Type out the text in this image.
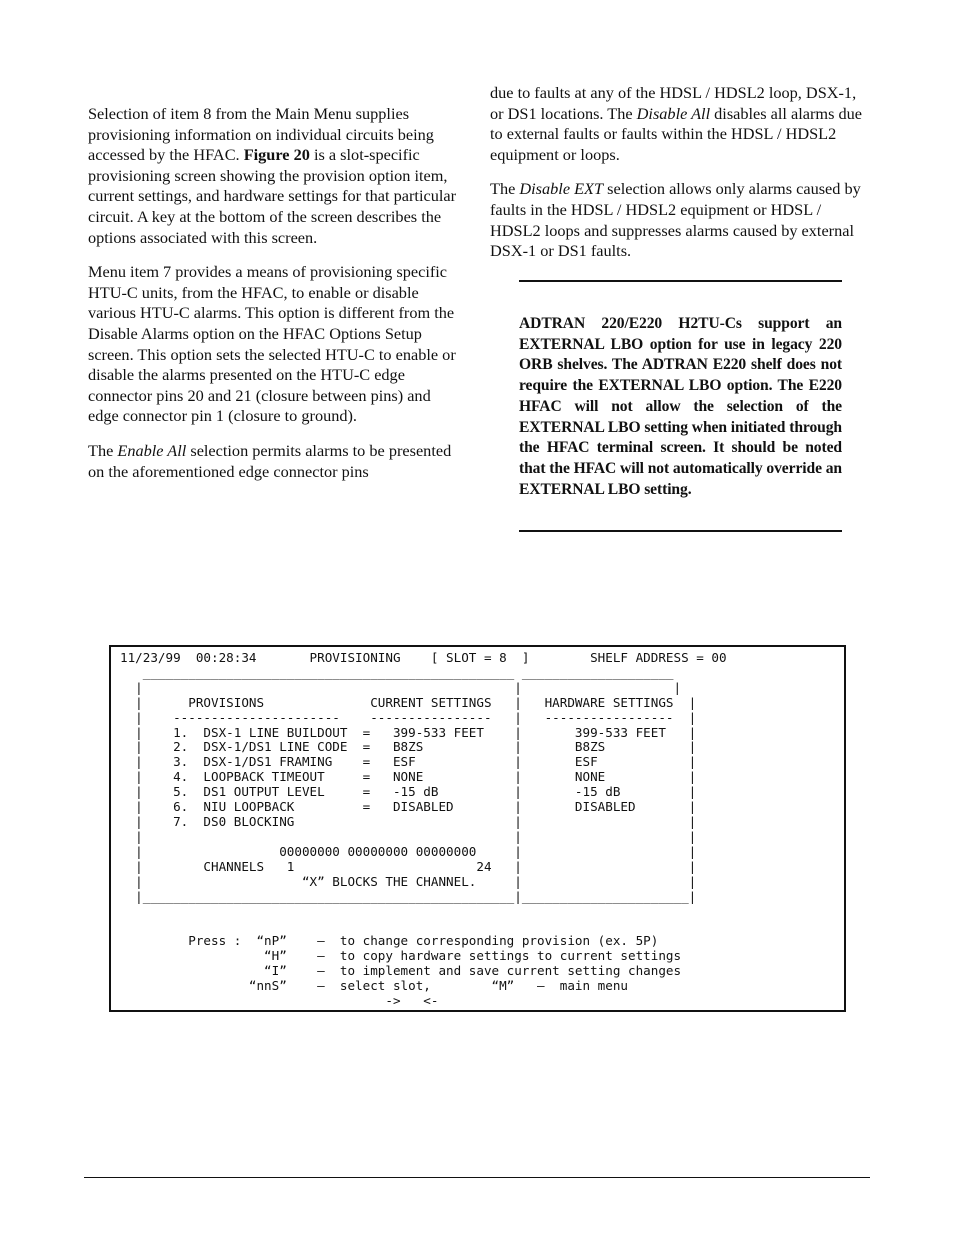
Selection of item 8 from the Main Menu supplies provisioning information on individual circuits being accessed by the HFAC. Figure 20 is a slot-specific provisioning screen showing the provision option item, current settings, and hardware settings for that particular circuit. A key at the bottom of the screen describes the options associated with this screen.

Menu item 7 provides a means of provisioning specific HTU-C units, from the HFAC, to enable or disable various HTU-C alarms. This option is different from the Disable Alarms option on the HFAC Options Setup screen. This option sets the selected HTU-C to enable or disable the alarms presented on the HTU-C edge connector pins 20 and 21 (closure between pins) and edge connector pin 1 (closure to ground).

The Enable All selection permits alarms to be presented on the aforementioned edge connector pins

due to faults at any of the HDSL / HDSL2 loop, DSX-1, or DS1 locations. The Disable All disables all alarms due to external faults or faults within the HDSL / HDSL2 equipment or loops.

The Disable EXT selection allows only alarms caused by faults in the HDSL / HDSL2 equipment or HDSL / HDSL2 loops and suppresses alarms caused by external DSX-1 or DS1 faults.

ADTRAN 220/E220 H2TU-Cs support an EXTERNAL LBO option for use in legacy 220 ORB shelves. The ADTRAN E220 shelf does not require the EXTERNAL LBO option. The E220 HFAC will not allow the selection of the EXTERNAL LBO setting when initiated through the HFAC terminal screen. It should be noted that the HFAC will not automatically override an EXTERNAL LBO setting.
11/23/99  00:28:34       PROVISIONING    [ SLOT = 8  ]        SHELF ADDRESS = 00
_________________________________________________ ____________________
|                                                 |                    |
|      PROVISIONS              CURRENT SETTINGS   |   HARDWARE SETTINGS  |
|    ----------------------    ----------------   |   -----------------  |
|    1.  DSX-1 LINE BUILDOUT  =   399-533 FEET    |       399-533 FEET   |
|    2.  DSX-1/DS1 LINE CODE  =   B8ZS            |       B8ZS           |
|    3.  DSX-1/DS1 FRAMING    =   ESF             |       ESF            |
|    4.  LOOPBACK TIMEOUT     =   NONE            |       NONE           |
|    5.  DS1 OUTPUT LEVEL     =   -15 dB          |       -15 dB         |
|    6.  NIU LOOPBACK         =   DISABLED        |       DISABLED       |
|    7.  DS0 BLOCKING                             |                      |
|                                                 |                      |
|                  00000000 00000000 00000000     |                      |
|        CHANNELS   1                        24   |                      |
|                     “X” BLOCKS THE CHANNEL.     |                      |
|_________________________________________________|______________________|

Press :  “nP”    –  to change corresponding provision (ex. 5P)
“H”    –  to copy hardware settings to current settings
“I”    –  to implement and save current setting changes
“nnS”    –  select slot,        “M”   –  main menu
->   <-
